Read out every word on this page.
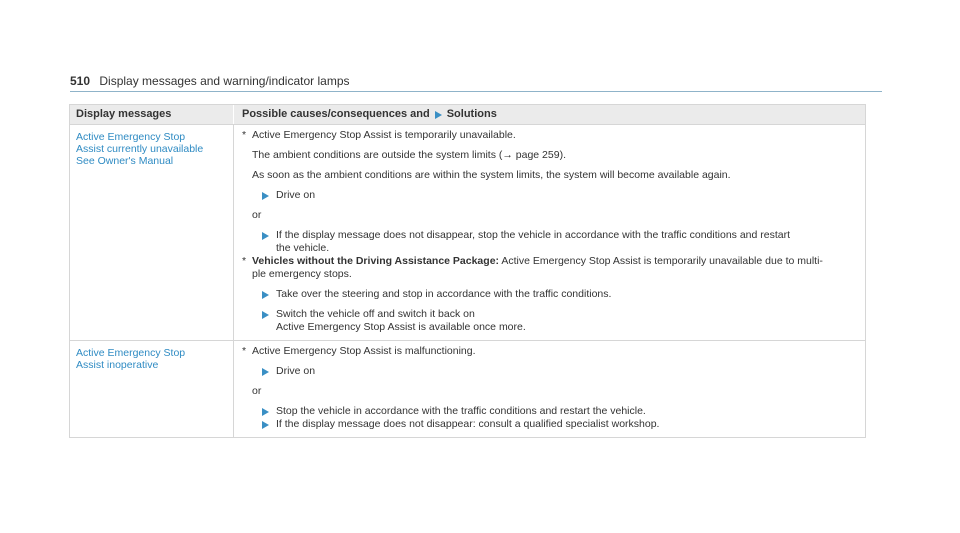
510 Display messages and warning/indicator lamps
Display messages	Possible causes/consequences and Solutions
Active Emergency Stop
Assist currently unavailable
See Owner's Manual
* Active Emergency Stop Assist is temporarily unavailable.
The ambient conditions are outside the system limits (→ page 259).
As soon as the ambient conditions are within the system limits, the system will become available again.
Drive on
or
If the display message does not disappear, stop the vehicle in accordance with the traffic conditions and restart
the vehicle.
* Vehicles without the Driving Assistance Package: Active Emergency Stop Assist is temporarily unavailable due to multi-
ple emergency stops.
Take over the steering and stop in accordance with the traffic conditions.
Switch the vehicle off and switch it back on
Active Emergency Stop Assist is available once more.
Active Emergency Stop
Assist inoperative
* Active Emergency Stop Assist is malfunctioning.
Drive on
or
Stop the vehicle in accordance with the traffic conditions and restart the vehicle.
If the display message does not disappear: consult a qualified specialist workshop.
